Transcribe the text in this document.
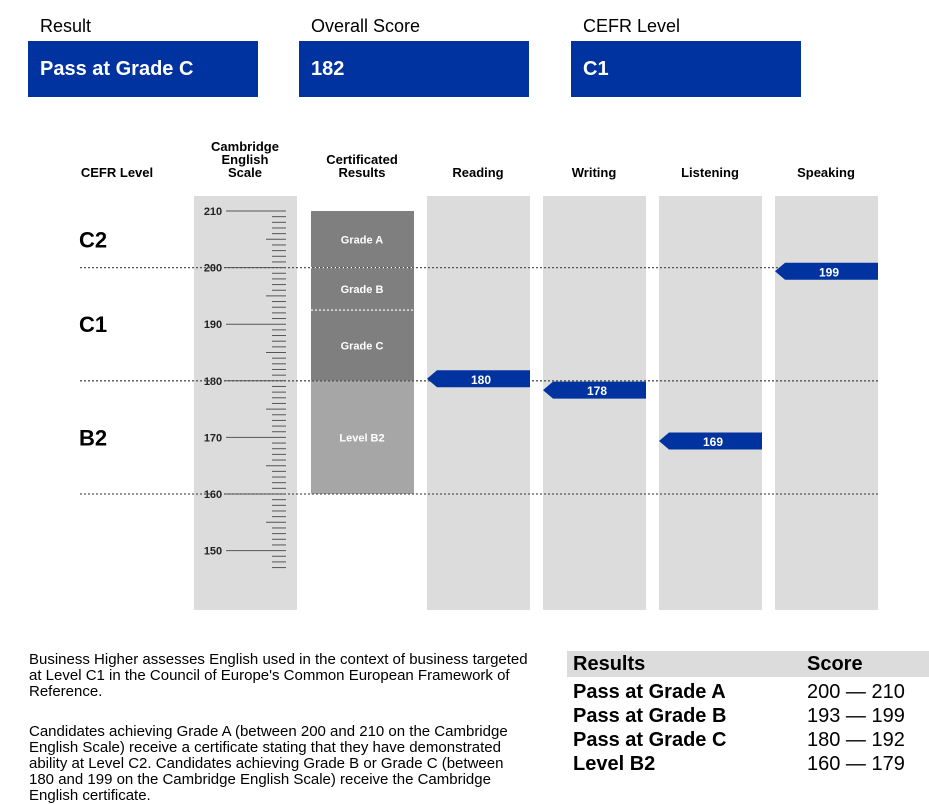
Result
Pass at Grade C
Overall Score
182
CEFR Level
C1
CEFR Level
Cambridge English Scale
Certificated Results	Reading	Writing	Listening	Speaking
Grade A
Grade B
Grade C
Level B2
210
200
190
180
170
160
150
C2
C1
B2
180
178
169
199
Business Higher assesses English used in the context of business targeted at Level C1 in the Council of Europe's Common European Framework of Reference.
Candidates achieving Grade A (between 200 and 210 on the Cambridge English Scale) receive a certificate stating that they have demonstrated ability at Level C2. Candidates achieving Grade B or Grade C (between 180 and 199 on the Cambridge English Scale) receive the Cambridge English certificate.
Results	Score
Pass at Grade A	200 — 210
Pass at Grade B	193 — 199
Pass at Grade C	180 — 192
Level B2	160 — 179
